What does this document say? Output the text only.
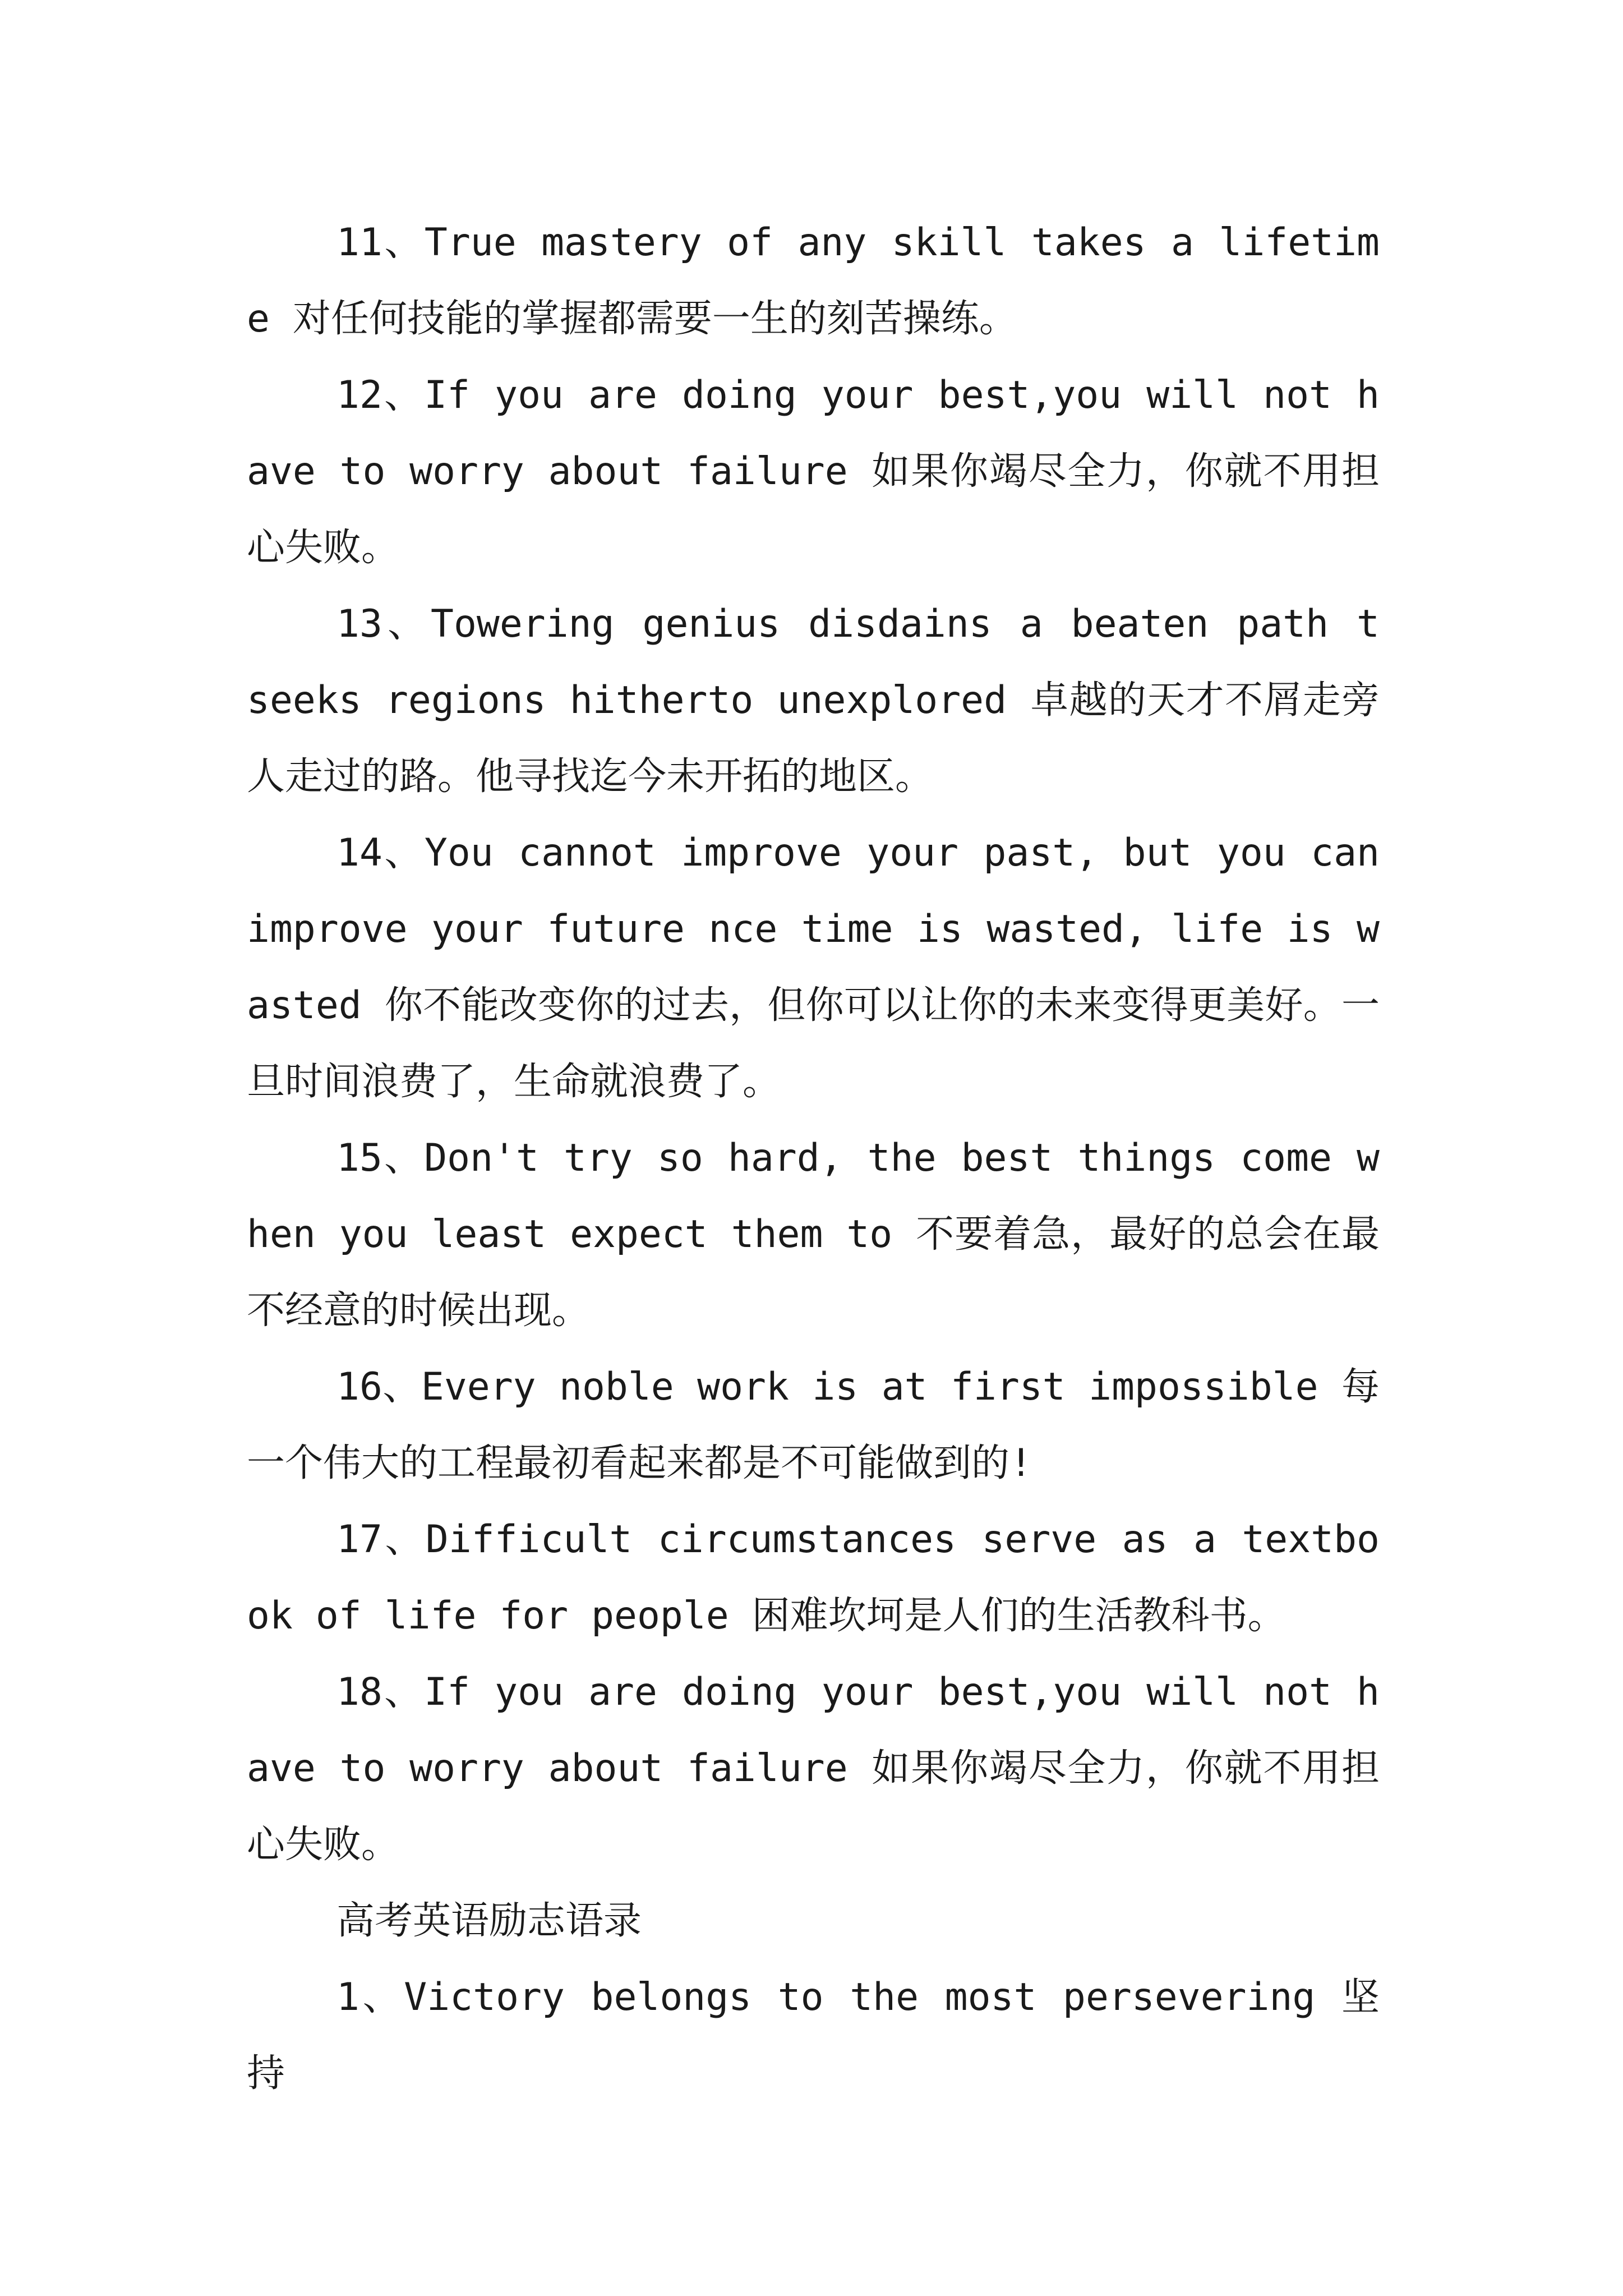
11、True mastery of any skill takes a lifetime 对任何技能的掌握都需要一生的刻苦操练。

12、If you are doing your best,you will not have to worry about failure 如果你竭尽全力，你就不用担心失败。

13、Towering genius disdains a beaten path t seeks regions hitherto unexplored 卓越的天才不屑走旁人走过的路。他寻找迄今未开拓的地区。

14、You cannot improve your past, but you can improve your future nce time is wasted, life is wasted 你不能改变你的过去，但你可以让你的未来变得更美好。一旦时间浪费了，生命就浪费了。

15、Don't try so hard, the best things come when you least expect them to 不要着急，最好的总会在最不经意的时候出现。

16、Every noble work is at first impossible 每一个伟大的工程最初看起来都是不可能做到的!

17、Difficult circumstances serve as a textbook of life for people 困难坎坷是人们的生活教科书。

18、If you are doing your best,you will not have to worry about failure 如果你竭尽全力，你就不用担心失败。

高考英语励志语录

1、Victory belongs to the most persevering 坚持
